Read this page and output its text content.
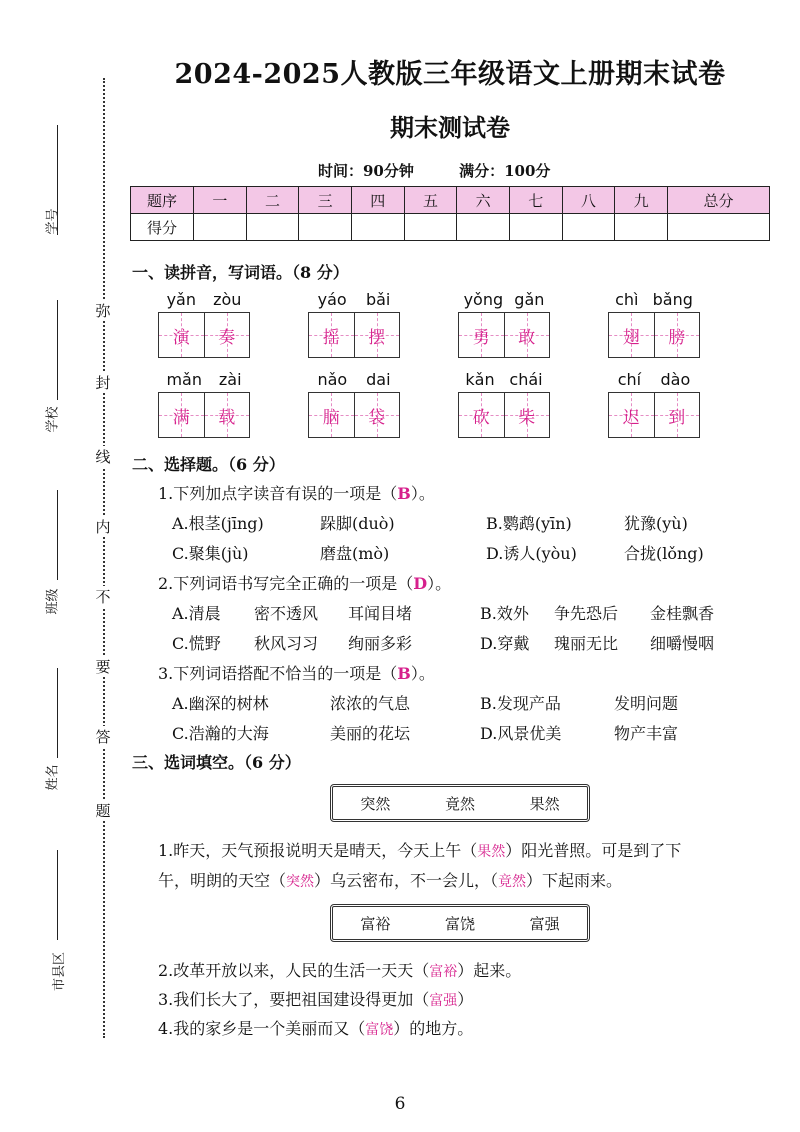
学号
学校
班级
姓名
市县区
弥
封
线
内
不
要
答
题
2024-2025人教版三年级语文上册期末试卷
期末测试卷
时间：90分钟	满分：100分
题序	一	二	三	四	五	六	七	八	九	总分
得分										
一、读拼音，写词语。（8 分）
yǎn zòu
演 奏
yáo bǎi
摇 摆
yǒng gǎn
勇 敢
chì bǎng
翅 膀
mǎn zài
满 载
nǎo dai
脑 袋
kǎn chái
砍 柴
chí dào
迟 到
二、选择题。（6 分）
1.下列加点字读音有误的一项是（B）。
A.根茎(jīng)	跺脚(duò)	B.鹦鹉(yīn)	犹豫(yù)
C.聚集(jù)	磨盘(mò)	D.诱人(yòu)	合拢(lǒng)
2.下列词语书写完全正确的一项是（D）。
A.清晨 密不透风 耳闻目堵	B.效外 争先恐后 金桂飘香
C.慌野 秋风习习 绚丽多彩	D.穿戴 瑰丽无比 细嚼慢咽
3.下列词语搭配不恰当的一项是（B）。
A.幽深的树林	浓浓的气息	B.发现产品	发明问题
C.浩瀚的大海	美丽的花坛	D.风景优美	物产丰富
三、选词填空。（6 分）
突然	竟然	果然
1.昨天，天气预报说明天是晴天，今天上午（果然）阳光普照。可是到了下
午，明朗的天空（突然）乌云密布，不一会儿，（竟然）下起雨来。
富裕	富饶	富强
2.改革开放以来，人民的生活一天天（富裕）起来。
3.我们长大了，要把祖国建设得更加（富强）
4.我的家乡是一个美丽而又（富饶）的地方。
6
